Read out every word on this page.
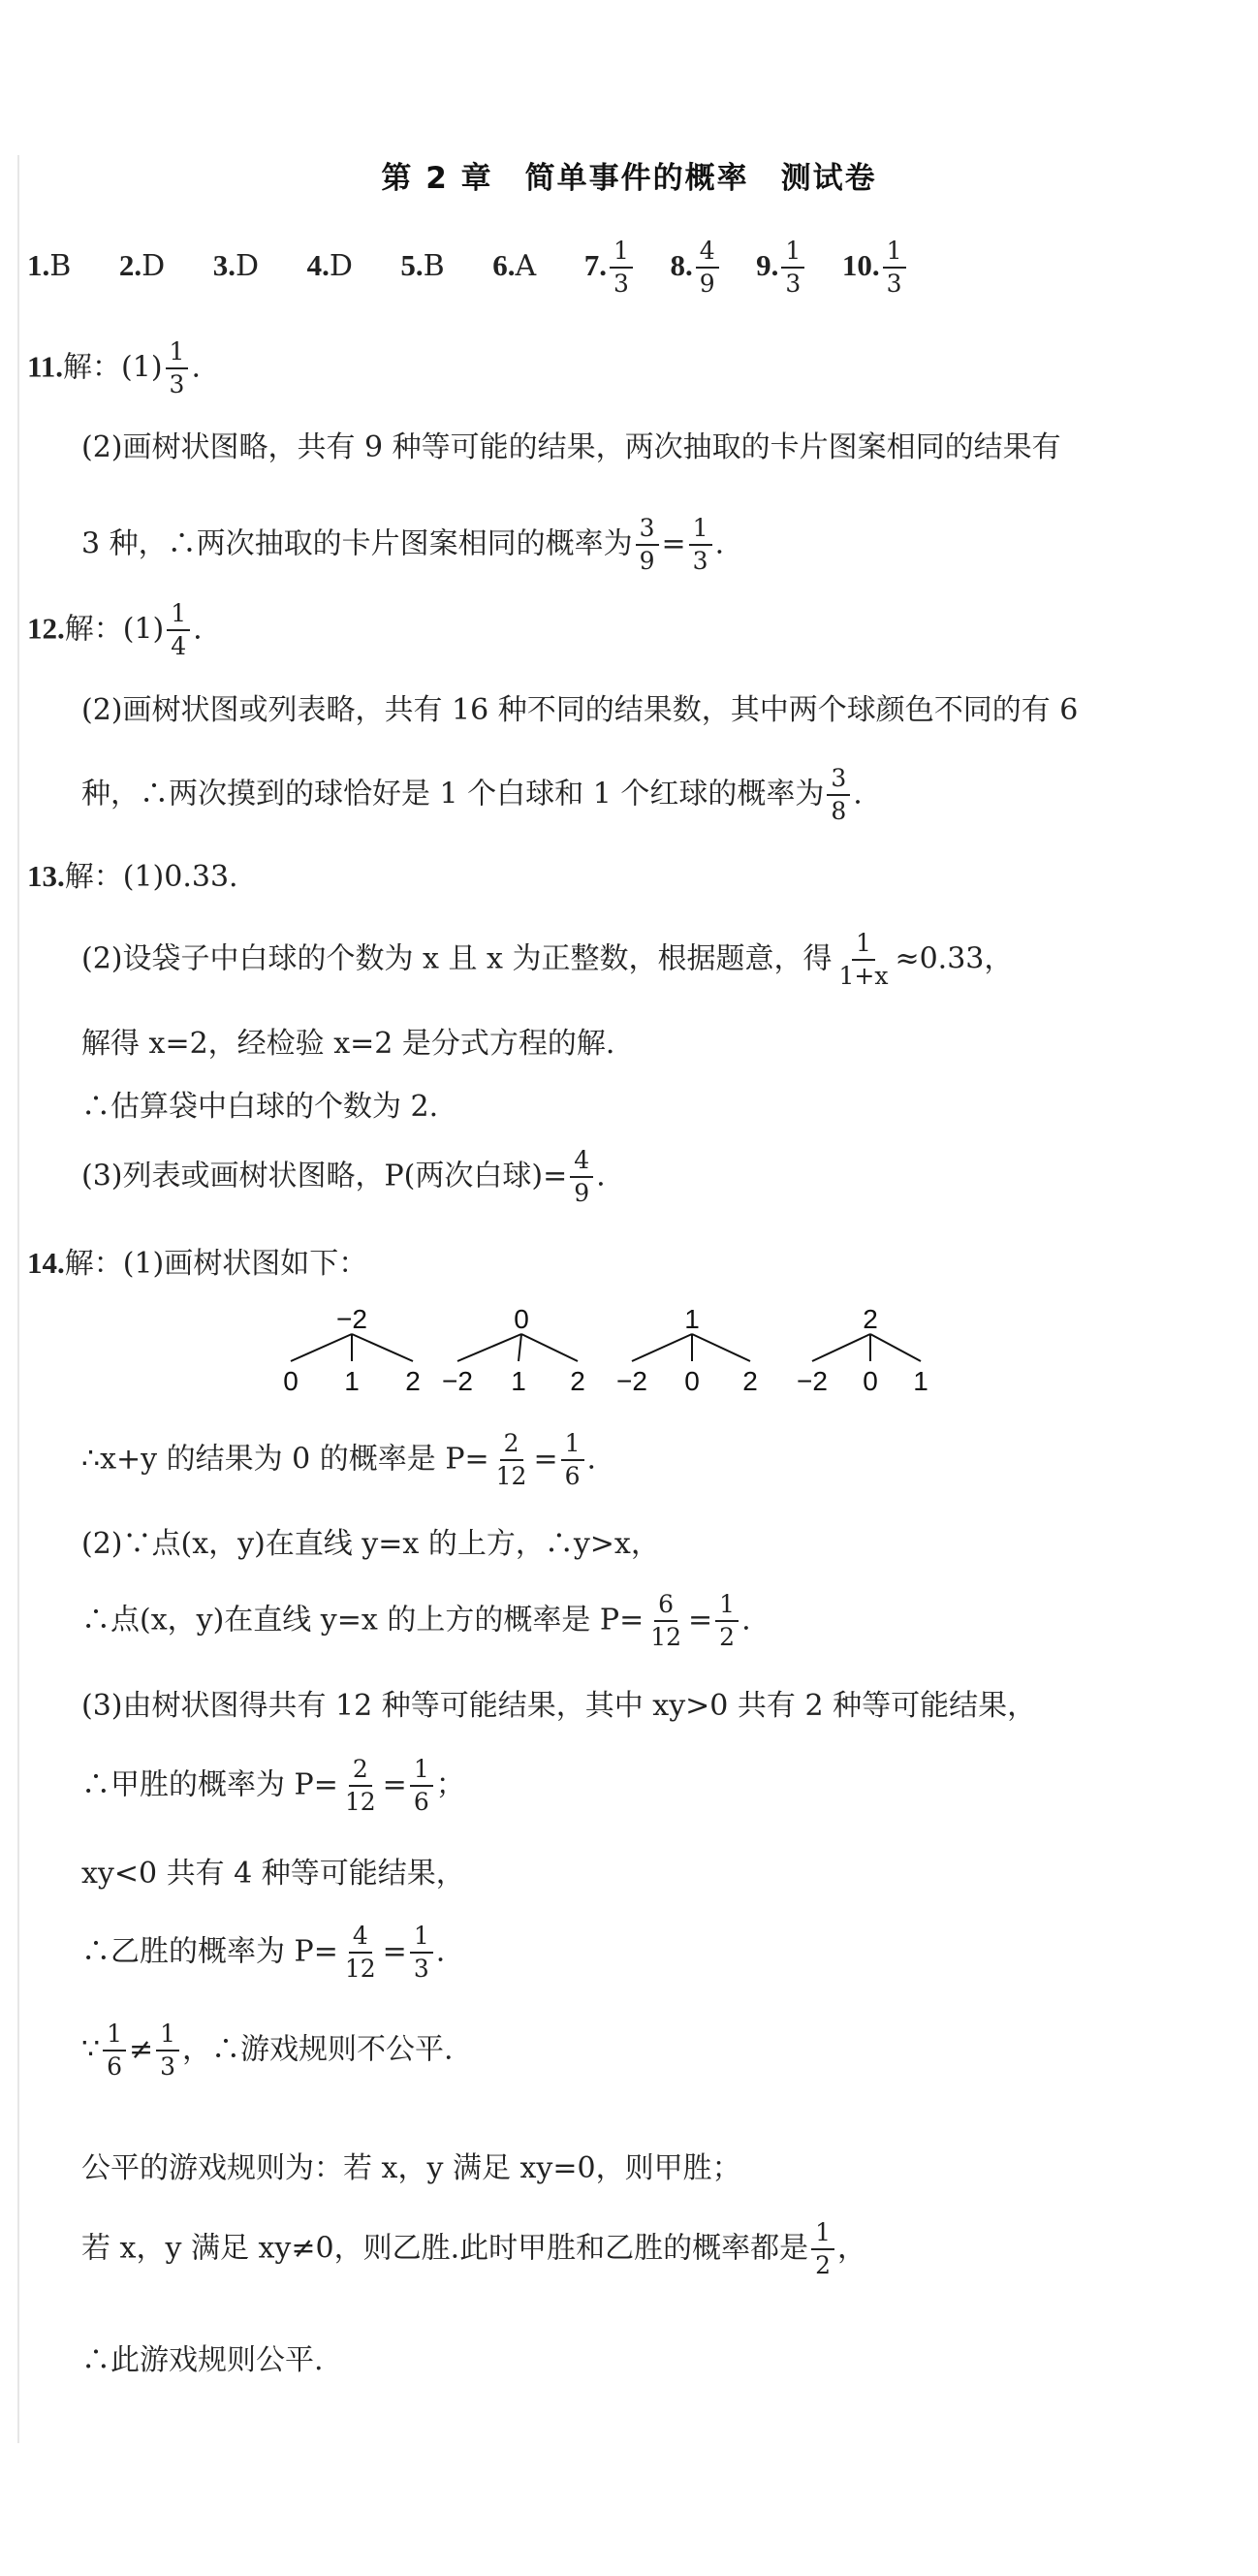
第 2 章　简单事件的概率　测试卷
1.B 2.D 3.D 4.D 5.B 6.A 7. $\frac{1}{3} 8$. $\frac{4}{9} 9$. $\frac{1}{3} 10$. $\frac{1}{3}$
11.解：$(1) \frac{1}{3}$ .
(2)画树状图略，共有 9 种等可能的结果，两次抽取的卡片图案相同的结果有
3 种，∴两次抽取的卡片图案相同的概率为 $\frac{3}{9} = \frac{1}{3}$ .
12.解：$(1) \frac{1}{4}$ .
(2)画树状图或列表略，共有 16 种不同的结果数，其中两个球颜色不同的有 6
种，∴两次摸到的球恰好是 1 个白球和 1 个红球的概率为 $\frac{3}{8}$ .
13.解：(1)0.33.
(2)设袋子中白球的个数为 x 且 x 为正整数，根据题意，得 $\frac{1}{1+x} \approx 0.33$，
解得 x=2，经检验 x=2 是分式方程的解.
∴估算袋中白球的个数为 2.
(3)列表或画树状图略，P(两次白球)= $\frac{4}{9}$ .
14.解：(1)画树状图如下：
−2
0 1 2
0
−2 1 2
1
−2 0 2
2
−2 0 1
∴x+y 的结果为 0 的概率是 $P= \frac{2}{12} = \frac{1}{6}$ .
(2)∵点(x，y)在直线 y=x 的上方，∴y>x，
∴点(x，y)在直线 y=x 的上方的概率是 $P= \frac{6}{12} = \frac{1}{2}$ .
(3)由树状图得共有 12 种等可能结果，其中 xy>0 共有 2 种等可能结果，
∴甲胜的概率为 $P= \frac{2}{12} = \frac{1}{6}$ ；
xy<0 共有 4 种等可能结果，
∴乙胜的概率为 $P= \frac{4}{12} = \frac{1}{3}$ .
∵ $\frac{1}{6} \ne \frac{1}{3}$ ，∴游戏规则不公平.
公平的游戏规则为：若 x，y 满足 xy=0，则甲胜；
若 x，y 满足 xy≠0，则乙胜.此时甲胜和乙胜的概率都是 $\frac{1}{2}$ ，
∴此游戏规则公平.
